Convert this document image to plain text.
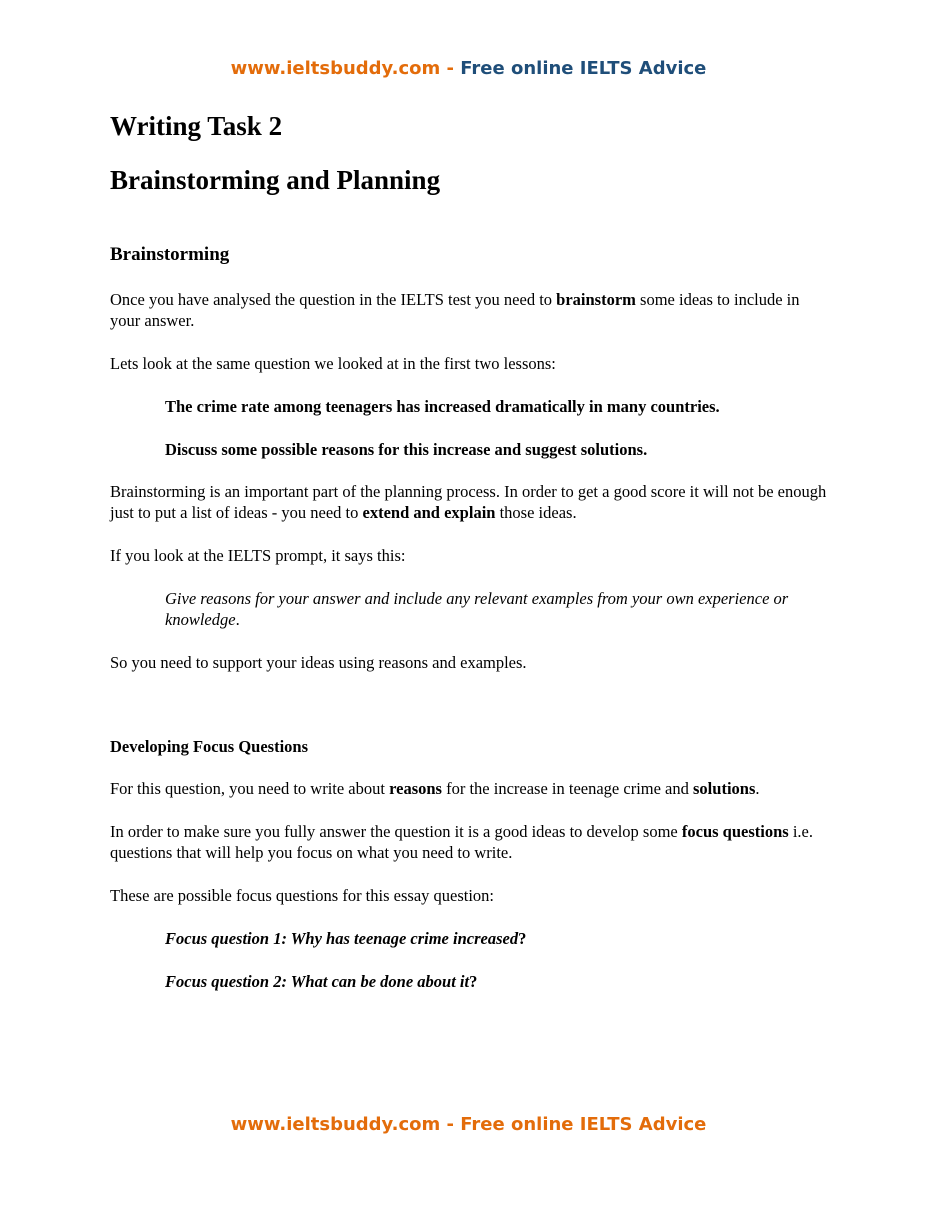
www.ieltsbuddy.com - Free online IELTS Advice
Writing Task 2
Brainstorming and Planning
Brainstorming

Once you have analysed the question in the IELTS test you need to brainstorm some ideas to include in your answer.

Lets look at the same question we looked at in the first two lessons:

The crime rate among teenagers has increased dramatically in many countries.

Discuss some possible reasons for this increase and suggest solutions.

Brainstorming is an important part of the planning process. In order to get a good score it will not be enough just to put a list of ideas - you need to extend and explain those ideas.

If you look at the IELTS prompt, it says this:

Give reasons for your answer and include any relevant examples from your own experience or knowledge.

So you need to support your ideas using reasons and examples.

Developing Focus Questions

For this question, you need to write about reasons for the increase in teenage crime and solutions.

In order to make sure you fully answer the question it is a good ideas to develop some focus questions i.e. questions that will help you focus on what you need to write.

These are possible focus questions for this essay question:

Focus question 1: Why has teenage crime increased?

Focus question 2: What can be done about it?

www.ieltsbuddy.com - Free online IELTS Advice
